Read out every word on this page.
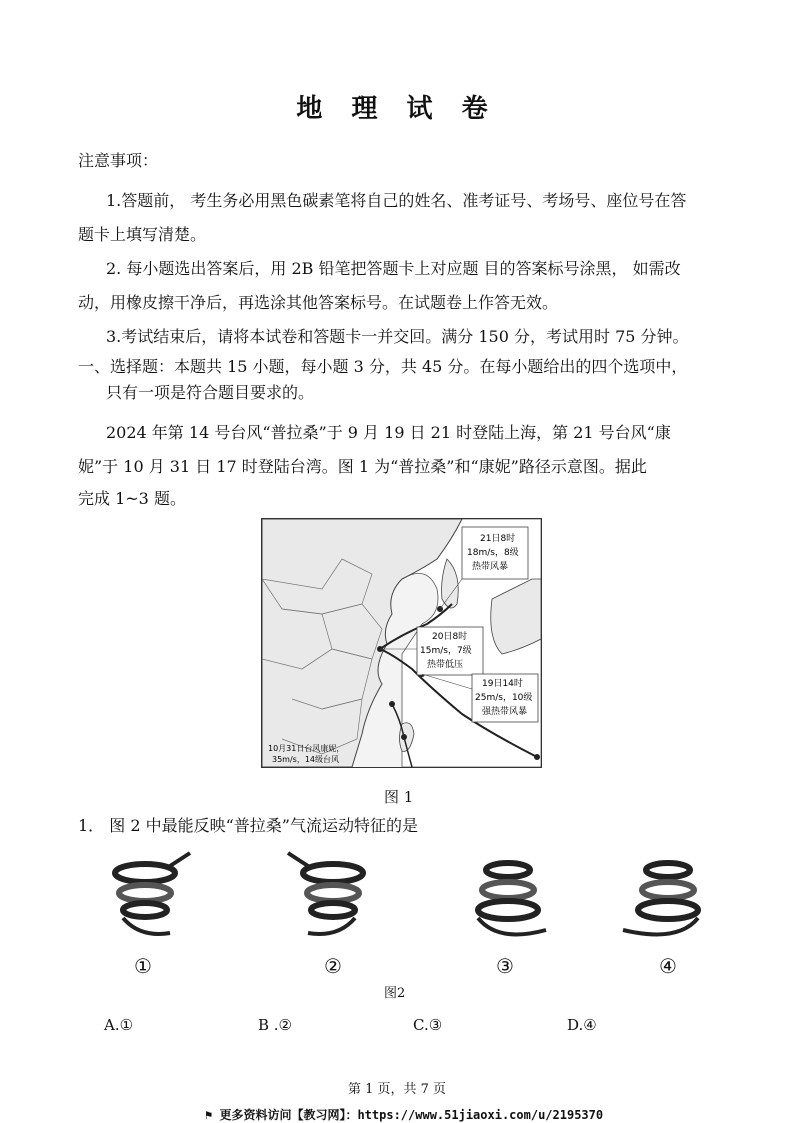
地 理 试 卷
注意事项：
1.答题前， 考生务必用黑色碳素笔将自己的姓名、准考证号、考场号、座位号在答
题卡上填写清楚。
2. 每小题选出答案后，用 2B 铅笔把答题卡上对应题 目的答案标号涂黑， 如需改
动，用橡皮擦干净后，再选涂其他答案标号。在试题卷上作答无效。
3.考试结束后，请将本试卷和答题卡一并交回。满分 150 分，考试用时 75 分钟。
一、选择题：本题共 15 小题，每小题 3 分，共 45 分。在每小题给出的四个选项中，
只有一项是符合题目要求的。
2024 年第 14 号台风“普拉桑”于 9 月 19 日 21 时登陆上海，第 21 号台风“康
妮”于 10 月 31 日 17 时登陆台湾。图 1 为“普拉桑”和“康妮”路径示意图。据此
完成 1~3 题。
21日8时
18m/s，8级
热带风暴
20日8时
15m/s，7级
热带低压
19日14时
25m/s，10级
强热带风暴
10月31日台风康妮，
35m/s，14级台风
图 1
1． 图 2 中最能反映“普拉桑”气流运动特征的是
①	②	③	④
图2
A.①	B .②	C.③	D.④
第 1 页，共 7 页
⚑ 更多资料访问【教习网】：https://www.51jiaoxi.com/u/2195370
